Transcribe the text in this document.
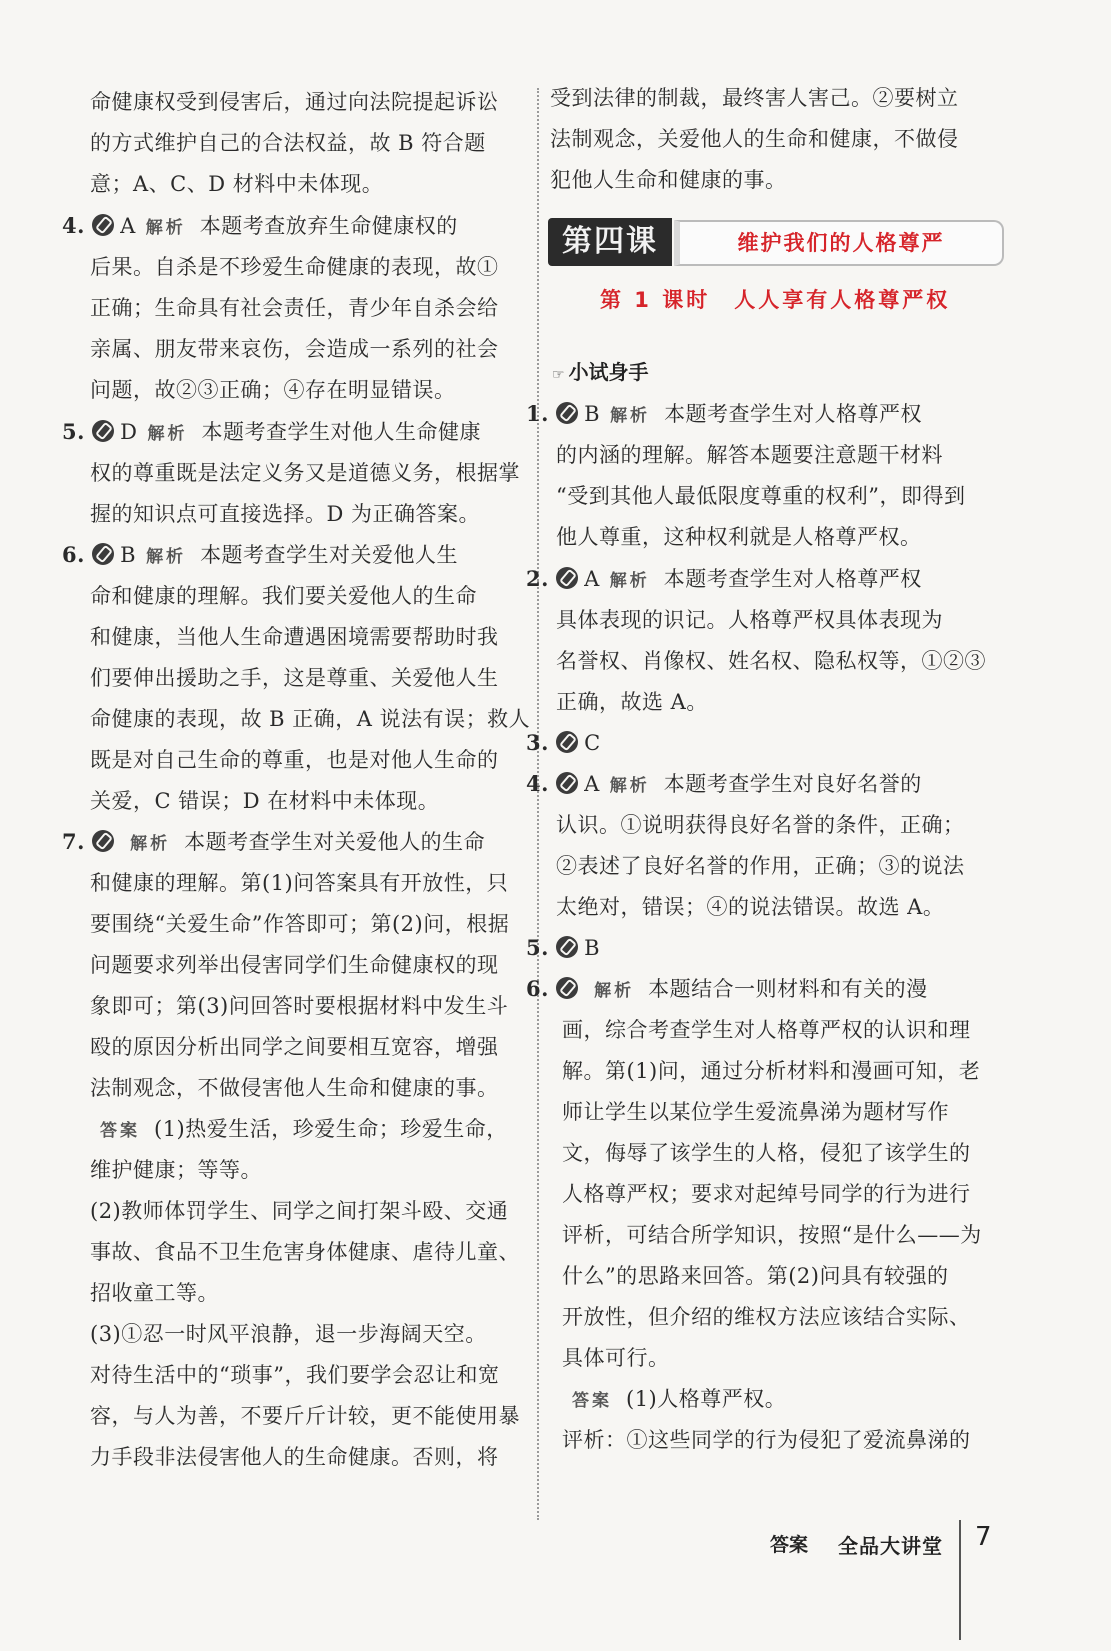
命健康权受到侵害后，通过向法院提起诉讼
的方式维护自己的合法权益，故 B 符合题
意；A、C、D 材料中未体现。
4. A 解析 本题考查放弃生命健康权的
后果。自杀是不珍爱生命健康的表现，故①
正确；生命具有社会责任，青少年自杀会给
亲属、朋友带来哀伤，会造成一系列的社会
问题，故②③正确；④存在明显错误。
5. D 解析 本题考查学生对他人生命健康
权的尊重既是法定义务又是道德义务，根据掌
握的知识点可直接选择。D 为正确答案。
6. B 解析 本题考查学生对关爱他人生
命和健康的理解。我们要关爱他人的生命
和健康，当他人生命遭遇困境需要帮助时我
们要伸出援助之手，这是尊重、关爱他人生
命健康的表现，故 B 正确，A 说法有误；救人
既是对自己生命的尊重，也是对他人生命的
关爱，C 错误；D 在材料中未体现。
7.	解析 本题考查学生对关爱他人的生命
和健康的理解。第(1)问答案具有开放性，只
要围绕“关爱生命”作答即可；第(2)问，根据
问题要求列举出侵害同学们生命健康权的现
象即可；第(3)问回答时要根据材料中发生斗
殴的原因分析出同学之间要相互宽容，增强
法制观念，不做侵害他人生命和健康的事。
答案 (1)热爱生活，珍爱生命；珍爱生命，
维护健康；等等。
(2)教师体罚学生、同学之间打架斗殴、交通
事故、食品不卫生危害身体健康、虐待儿童、
招收童工等。
(3)①忍一时风平浪静，退一步海阔天空。
对待生活中的“琐事”，我们要学会忍让和宽
容，与人为善，不要斤斤计较，更不能使用暴
力手段非法侵害他人的生命健康。否则，将
受到法律的制裁，最终害人害己。②要树立
法制观念，关爱他人的生命和健康，不做侵
犯他人生命和健康的事。
第四课	维护我们的人格尊严
第 1 课时　人人享有人格尊严权
☞ 小试身手
1. B 解析 本题考查学生对人格尊严权
的内涵的理解。解答本题要注意题干材料
“受到其他人最低限度尊重的权利”，即得到
他人尊重，这种权利就是人格尊严权。
2. A 解析 本题考查学生对人格尊严权
具体表现的识记。人格尊严权具体表现为
名誉权、肖像权、姓名权、隐私权等，①②③
正确，故选 A。
3. C
4. A 解析 本题考查学生对良好名誉的
认识。①说明获得良好名誉的条件，正确；
②表述了良好名誉的作用，正确；③的说法
太绝对，错误；④的说法错误。故选 A。
5. B
6.	解析 本题结合一则材料和有关的漫
画，综合考查学生对人格尊严权的认识和理
解。第(1)问，通过分析材料和漫画可知，老
师让学生以某位学生爱流鼻涕为题材写作
文，侮辱了该学生的人格，侵犯了该学生的
人格尊严权；要求对起绰号同学的行为进行
评析，可结合所学知识，按照“是什么——为
什么”的思路来回答。第(2)问具有较强的
开放性，但介绍的维权方法应该结合实际、
具体可行。
答案 (1)人格尊严权。
评析：①这些同学的行为侵犯了爱流鼻涕的
答案 全品大讲堂 7
